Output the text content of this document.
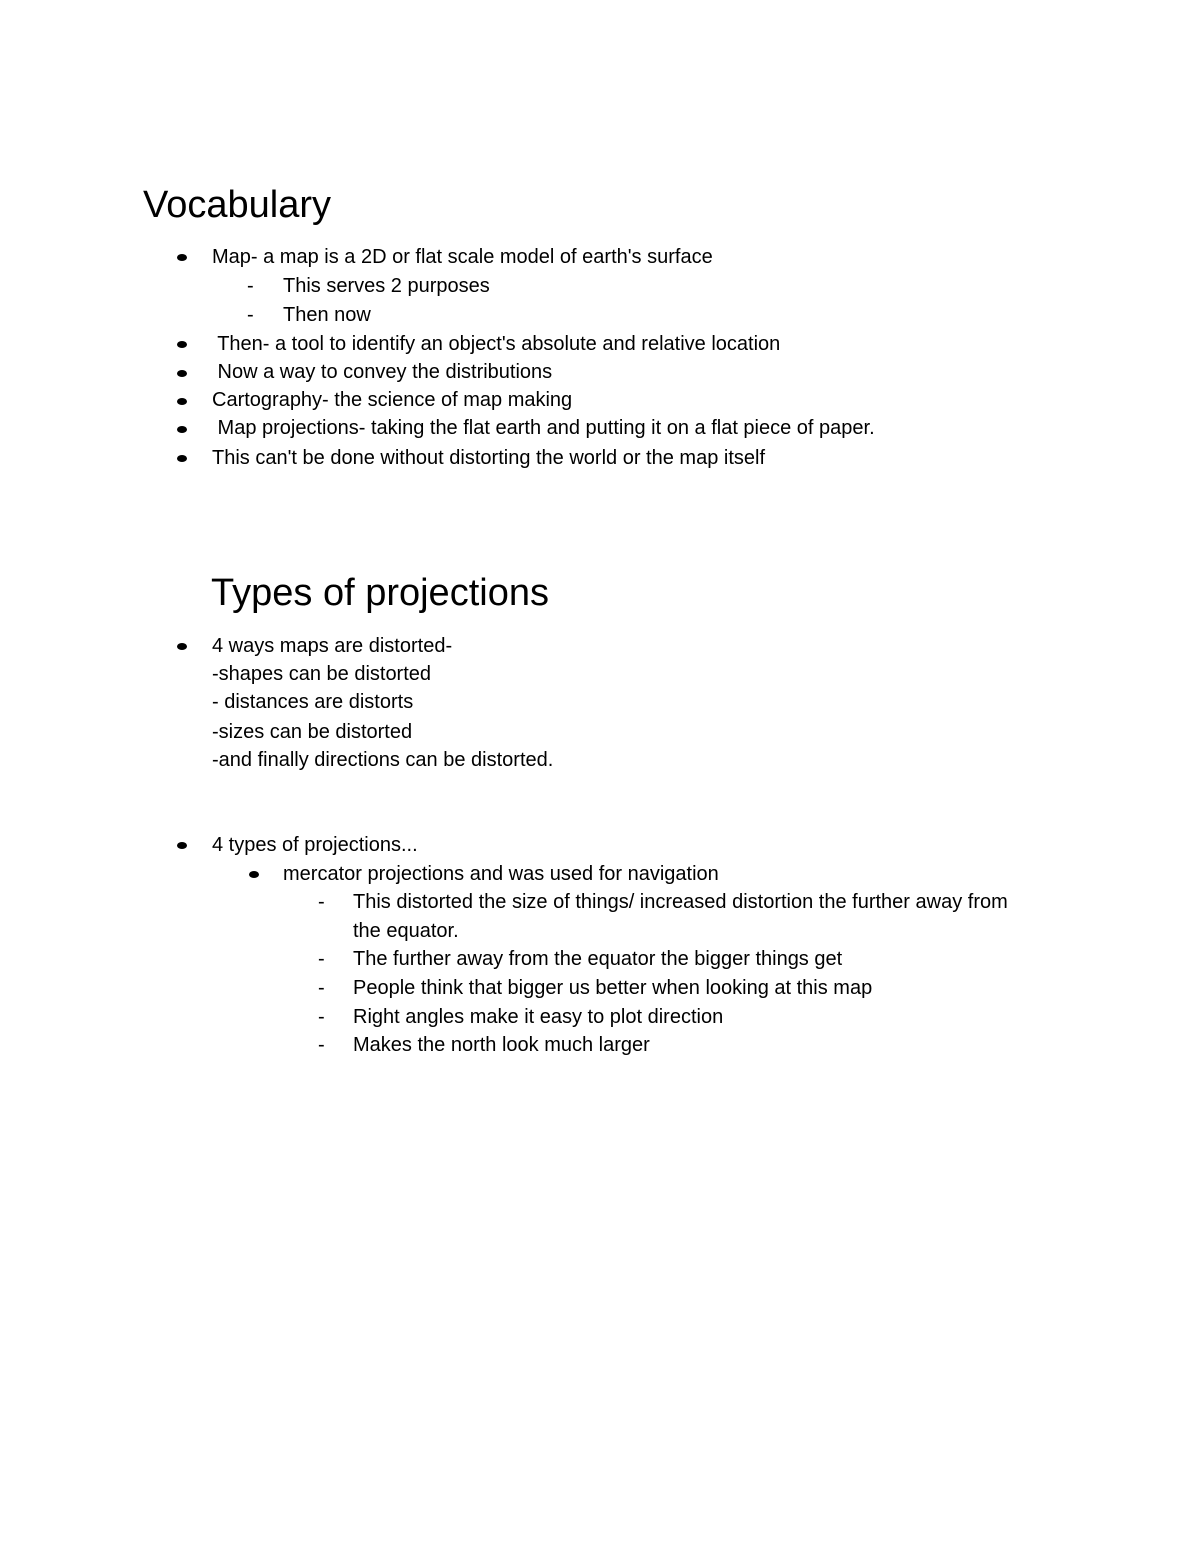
Vocabulary
Map- a map is a 2D or flat scale model of earth's surface
- This serves 2 purposes
- Then now
Then- a tool to identify an object's absolute and relative location
Now a way to convey the distributions
Cartography- the science of map making
Map projections- taking the flat earth and putting it on a flat piece of paper.
This can't be done without distorting the world or the map itself
Types of projections
4 ways maps are distorted-
-shapes can be distorted
- distances are distorts
-sizes can be distorted
-and finally directions can be distorted.
4 types of projections...
mercator projections and was used for navigation
- This distorted the size of things/ increased distortion the further away from
the equator.
- The further away from the equator the bigger things get
- People think that bigger us better when looking at this map
- Right angles make it easy to plot direction
- Makes the north look much larger
